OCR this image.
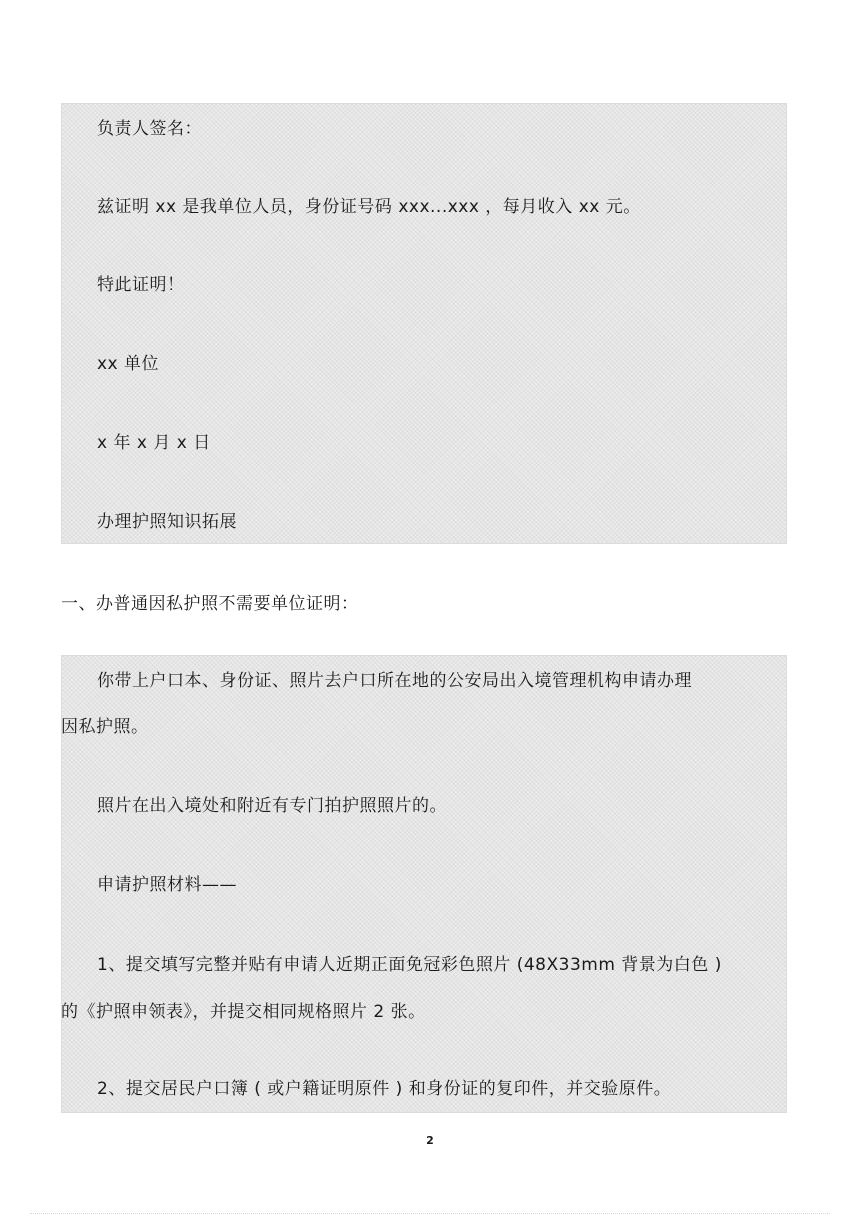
负责人签名：
兹证明 xx 是我单位人员，身份证号码 xxx...xxx ，每月收入 xx 元。
特此证明！
xx 单位
x 年 x 月 x 日
办理护照知识拓展
一、办普通因私护照不需要单位证明：
你带上户口本、身份证、照片去户口所在地的公安局出入境管理机构申请办理
因私护照。
照片在出入境处和附近有专门拍护照照片的。
申请护照材料——
1、提交填写完整并贴有申请人近期正面免冠彩色照片 (48X33mm 背景为白色 )
的《护照申领表》，并提交相同规格照片 2 张。
2、提交居民户口簿 ( 或户籍证明原件 ) 和身份证的复印件，并交验原件。
2
